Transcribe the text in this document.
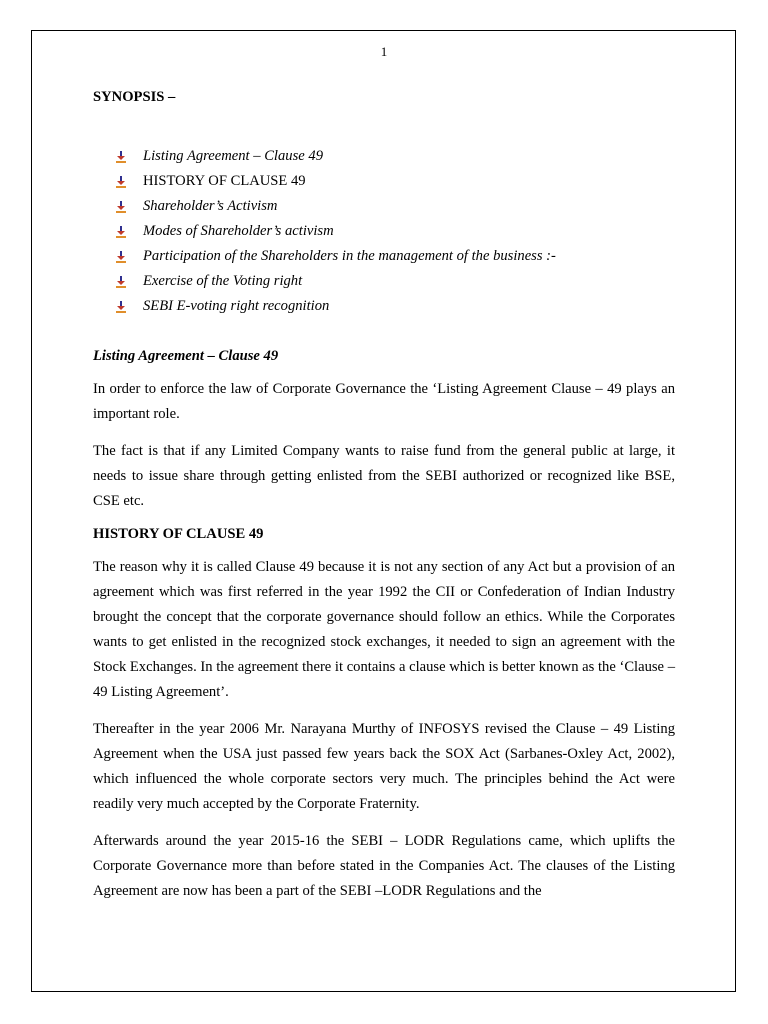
1

SYNOPSIS –

Listing Agreement – Clause 49
HISTORY OF CLAUSE 49
Shareholder’s Activism
Modes of Shareholder’s activism
Participation of the Shareholders in the management of the business :-
Exercise of the Voting right
SEBI E-voting right recognition

Listing Agreement – Clause 49

In order to enforce the law of Corporate Governance the ‘Listing Agreement Clause – 49 plays an important role.

The fact is that if any Limited Company wants to raise fund from the general public at large, it needs to issue share through getting enlisted from the SEBI authorized or recognized like BSE, CSE etc.

HISTORY OF CLAUSE 49

The reason why it is called Clause 49 because it is not any section of any Act but a provision of an agreement which was first referred in the year 1992 the CII or Confederation of Indian Industry brought the concept that the corporate governance should follow an ethics. While the Corporates wants to get enlisted in the recognized stock exchanges, it needed to sign an agreement with the Stock Exchanges. In the agreement there it contains a clause which is better known as the ‘Clause – 49 Listing Agreement’.

Thereafter in the year 2006 Mr. Narayana Murthy of INFOSYS revised the Clause – 49 Listing Agreement when the USA just passed few years back the SOX Act (Sarbanes-Oxley Act, 2002), which influenced the whole corporate sectors very much. The principles behind the Act were readily very much accepted by the Corporate Fraternity.

Afterwards around the year 2015-16 the SEBI – LODR Regulations came, which uplifts the Corporate Governance more than before stated in the Companies Act. The clauses of the Listing Agreement are now has been a part of the SEBI –LODR Regulations and the
